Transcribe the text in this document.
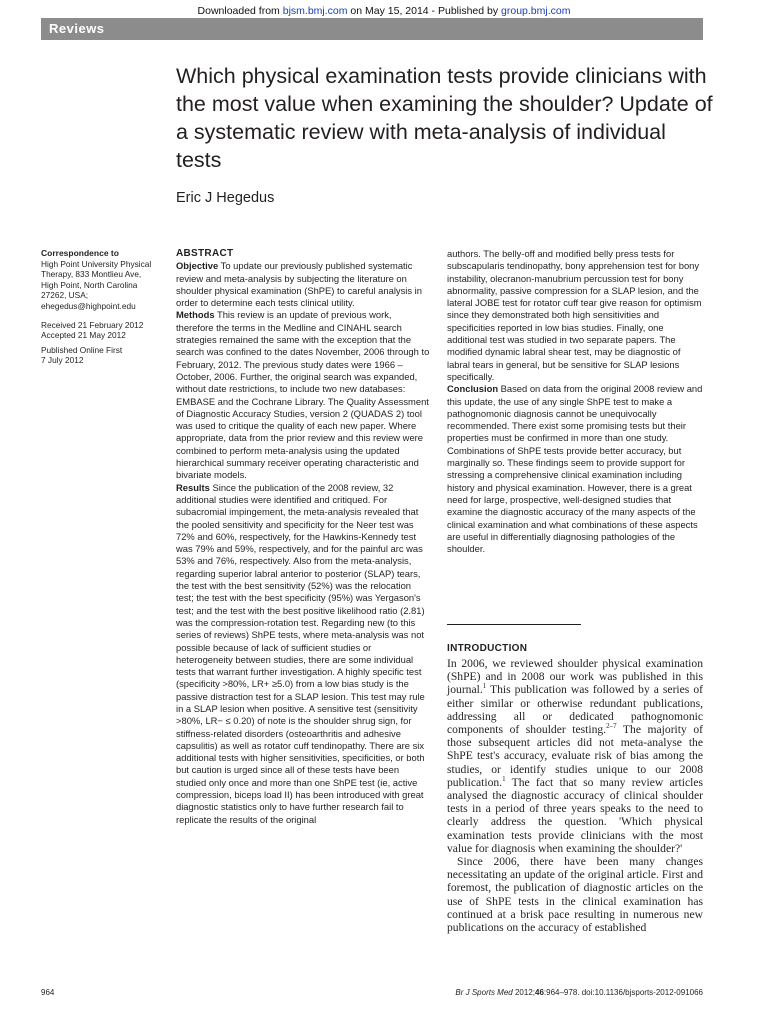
Downloaded from bjsm.bmj.com on May 15, 2014 - Published by group.bmj.com
Reviews
Which physical examination tests provide clinicians with the most value when examining the shoulder? Update of a systematic review with meta-analysis of individual tests
Eric J Hegedus
Correspondence to
High Point University Physical
Therapy, 833 Montlieu Ave,
High Point, North Carolina
27262, USA;
ehegedus@highpoint.edu
Received 21 February 2012
Accepted 21 May 2012
Published Online First
7 July 2012
ABSTRACT

Objective To update our previously published systematic review and meta-analysis by subjecting the literature on shoulder physical examination (ShPE) to careful analysis in order to determine each tests clinical utility.

Methods This review is an update of previous work, therefore the terms in the Medline and CINAHL search strategies remained the same with the exception that the search was confined to the dates November, 2006 through to February, 2012. The previous study dates were 1966 – October, 2006. Further, the original search was expanded, without date restrictions, to include two new databases: EMBASE and the Cochrane Library. The Quality Assessment of Diagnostic Accuracy Studies, version 2 (QUADAS 2) tool was used to critique the quality of each new paper. Where appropriate, data from the prior review and this review were combined to perform meta-analysis using the updated hierarchical summary receiver operating characteristic and bivariate models.

Results Since the publication of the 2008 review, 32 additional studies were identified and critiqued. For subacromial impingement, the meta-analysis revealed that the pooled sensitivity and specificity for the Neer test was 72% and 60%, respectively, for the Hawkins-Kennedy test was 79% and 59%, respectively, and for the painful arc was 53% and 76%, respectively. Also from the meta-analysis, regarding superior labral anterior to posterior (SLAP) tears, the test with the best sensitivity (52%) was the relocation test; the test with the best specificity (95%) was Yergason's test; and the test with the best positive likelihood ratio (2.81) was the compression-rotation test. Regarding new (to this series of reviews) ShPE tests, where meta-analysis was not possible because of lack of sufficient studies or heterogeneity between studies, there are some individual tests that warrant further investigation. A highly specific test (specificity >80%, LR+ ≥5.0) from a low bias study is the passive distraction test for a SLAP lesion. This test may rule in a SLAP lesion when positive. A sensitive test (sensitivity >80%, LR− ≤ 0.20) of note is the shoulder shrug sign, for stiffness-related disorders (osteoarthritis and adhesive capsulitis) as well as rotator cuff tendinopathy. There are six additional tests with higher sensitivities, specificities, or both but caution is urged since all of these tests have been studied only once and more than one ShPE test (ie, active compression, biceps load II) has been introduced with great diagnostic statistics only to have further research fail to replicate the results of the original

authors. The belly-off and modified belly press tests for subscapularis tendinopathy, bony apprehension test for bony instability, olecranon-manubrium percussion test for bony abnormality, passive compression for a SLAP lesion, and the lateral JOBE test for rotator cuff tear give reason for optimism since they demonstrated both high sensitivities and specificities reported in low bias studies. Finally, one additional test was studied in two separate papers. The modified dynamic labral shear test, may be diagnostic of labral tears in general, but be sensitive for SLAP lesions specifically.

Conclusion Based on data from the original 2008 review and this update, the use of any single ShPE test to make a pathognomonic diagnosis cannot be unequivocally recommended. There exist some promising tests but their properties must be confirmed in more than one study. Combinations of ShPE tests provide better accuracy, but marginally so. These findings seem to provide support for stressing a comprehensive clinical examination including history and physical examination. However, there is a great need for large, prospective, well-designed studies that examine the diagnostic accuracy of the many aspects of the clinical examination and what combinations of these aspects are useful in differentially diagnosing pathologies of the shoulder.

INTRODUCTION

In 2006, we reviewed shoulder physical examination (ShPE) and in 2008 our work was published in this journal.$^1$ This publication was followed by a series of either similar or otherwise redundant publications, addressing all or dedicated pathognomonic components of shoulder testing.$^{2-7}$ The majority of those subsequent articles did not meta-analyse the ShPE test's accuracy, evaluate risk of bias among the studies, or identify studies unique to our 2008 publication.$^1$ The fact that so many review articles analysed the diagnostic accuracy of clinical shoulder tests in a period of three years speaks to the need to clearly address the question. 'Which physical examination tests provide clinicians with the most value for diagnosis when examining the shoulder?'

Since 2006, there have been many changes necessitating an update of the original article. First and foremost, the publication of diagnostic articles on the use of ShPE tests in the clinical examination has continued at a brisk pace resulting in numerous new publications on the accuracy of established

964	Br J Sports Med 2012;46:964–978. doi:10.1136/bjsports-2012-091066
